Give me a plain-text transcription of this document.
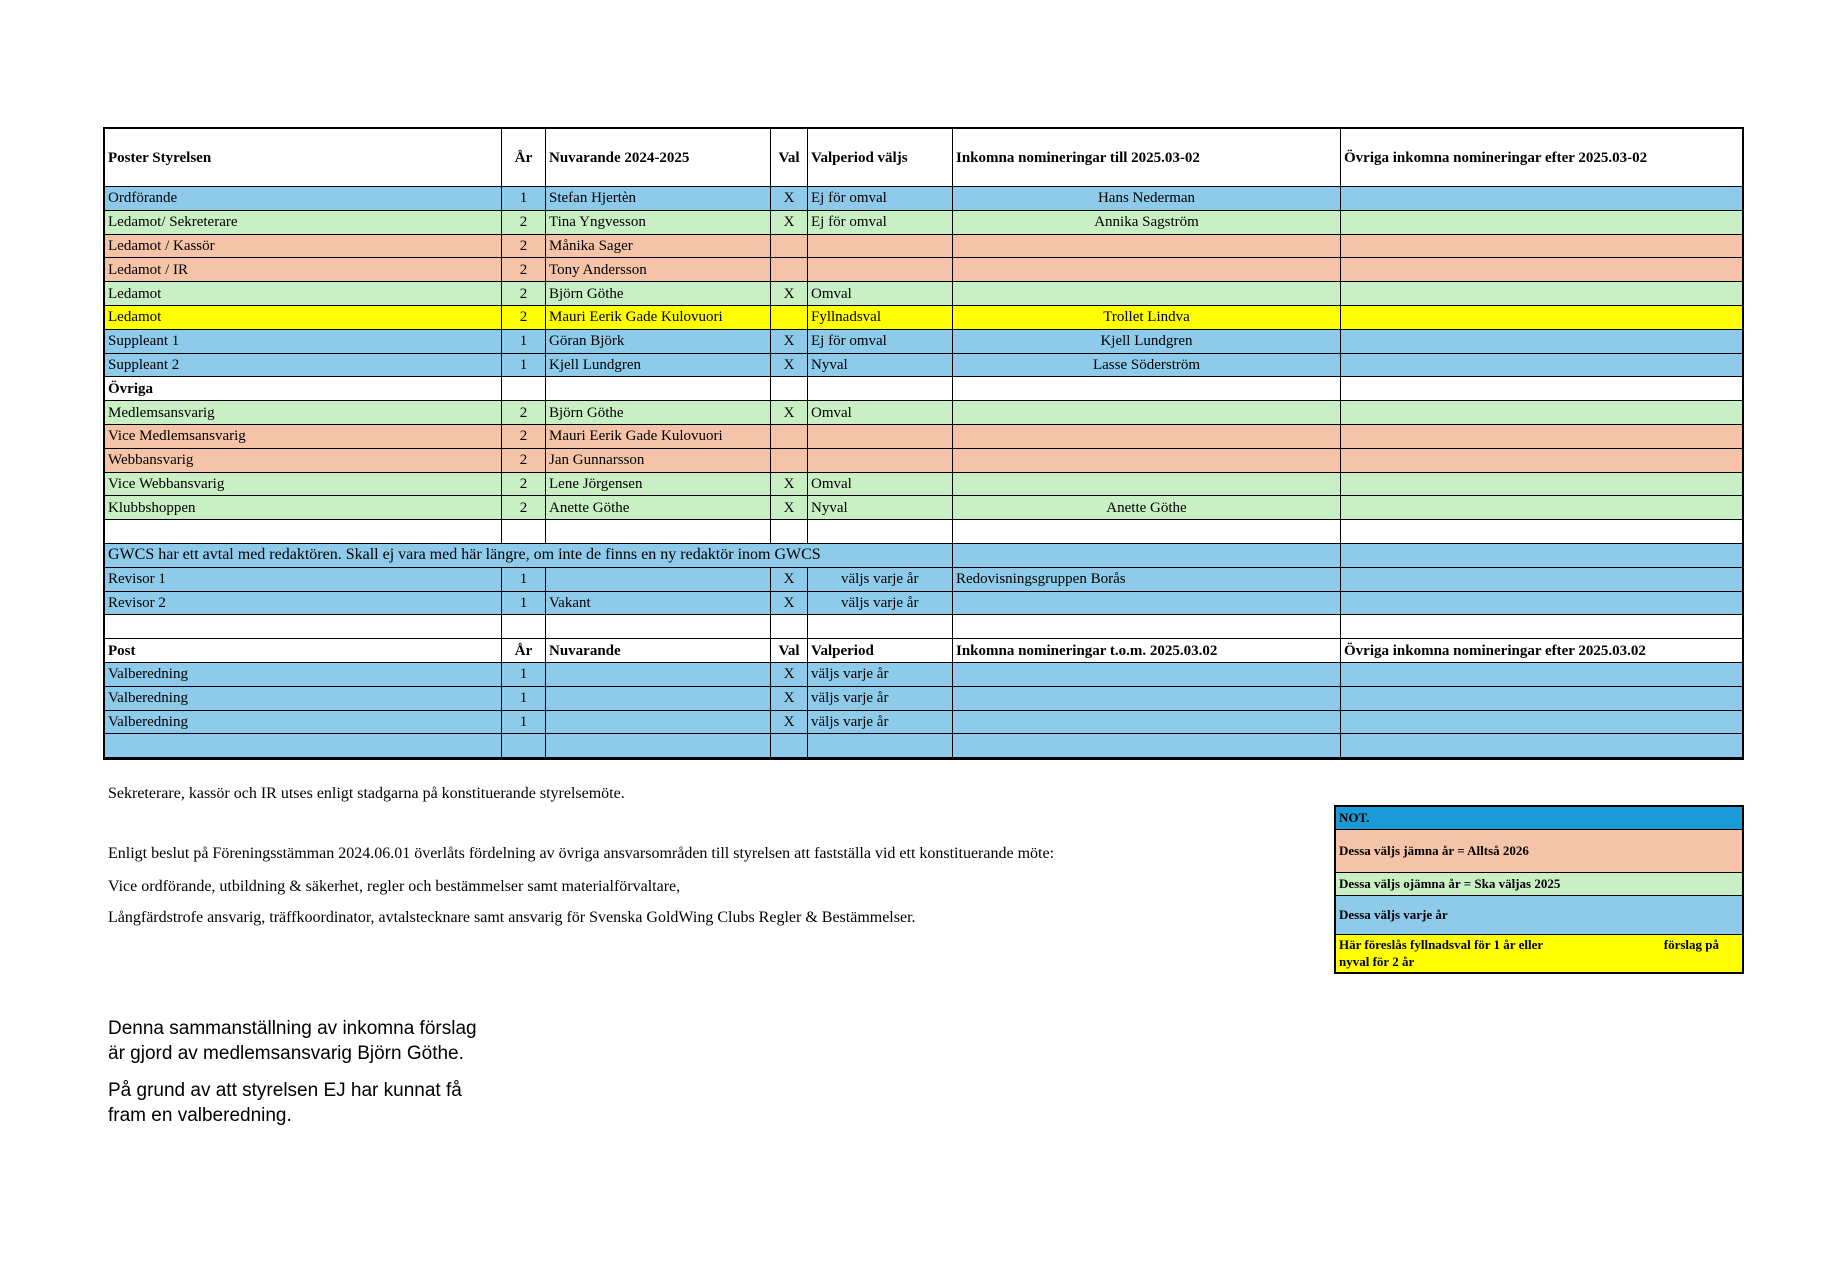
Poster Styrelsen	År	Nuvarande 2024-2025	Val	Valperiod väljs	Inkomna nomineringar till 2025.03-02	Övriga inkomna nomineringar efter 2025.03-02
Ordförande	1	Stefan Hjertèn	X	Ej för omval	Hans Nederman	
Ledamot/ Sekreterare	2	Tina Yngvesson	X	Ej för omval	Annika Sagström	
Ledamot / Kassör	2	Månika Sager				
Ledamot / IR	2	Tony Andersson				
Ledamot	2	Björn Göthe	X	Omval		
Ledamot	2	Mauri Eerik Gade Kulovuori		Fyllnadsval	Trollet Lindva	
Suppleant 1	1	Göran Björk	X	Ej för omval	Kjell Lundgren	
Suppleant 2	1	Kjell Lundgren	X	Nyval	Lasse Söderström	
Övriga						
Medlemsansvarig	2	Björn Göthe	X	Omval		
Vice Medlemsansvarig	2	Mauri Eerik Gade Kulovuori				
Webbansvarig	2	Jan Gunnarsson				
Vice Webbansvarig	2	Lene Jörgensen	X	Omval		
Klubbshoppen	2	Anette Göthe	X	Nyval	Anette Göthe	

GWCS har ett avtal med redaktören. Skall ej vara med här längre, om inte de finns en ny redaktör inom GWCS						
Revisor 1	1		X	väljs varje år	Redovisningsgruppen Borås	
Revisor 2	1	Vakant	X	väljs varje år		

Post	År	Nuvarande	Val	Valperiod	Inkomna nomineringar t.o.m. 2025.03.02	Övriga inkomna nomineringar efter 2025.03.02
Valberedning	1		X	väljs varje år		
Valberedning	1		X	väljs varje år		
Valberedning	1		X	väljs varje år		

Sekreterare, kassör och IR utses enligt stadgarna på konstituerande styrelsemöte.
Enligt beslut på Föreningsstämman 2024.06.01 överlåts fördelning av övriga ansvarsområden till styrelsen att fastställa vid ett konstituerande möte:
Vice ordförande, utbildning & säkerhet, regler och bestämmelser samt materialförvaltare,
Långfärdstrofe ansvarig, träffkoordinator, avtalstecknare samt ansvarig för Svenska GoldWing Clubs Regler & Bestämmelser.
NOT.
Dessa väljs jämna år = Alltså 2026
Dessa väljs ojämna år = Ska väljas 2025
Dessa väljs varje år
förslag på
Här föreslås fyllnadsval för 1 år eller
nyval för 2 år
Denna sammanställning av inkomna förslag
är gjord av medlemsansvarig Björn Göthe.
På grund av att styrelsen EJ har kunnat få
fram en valberedning.
